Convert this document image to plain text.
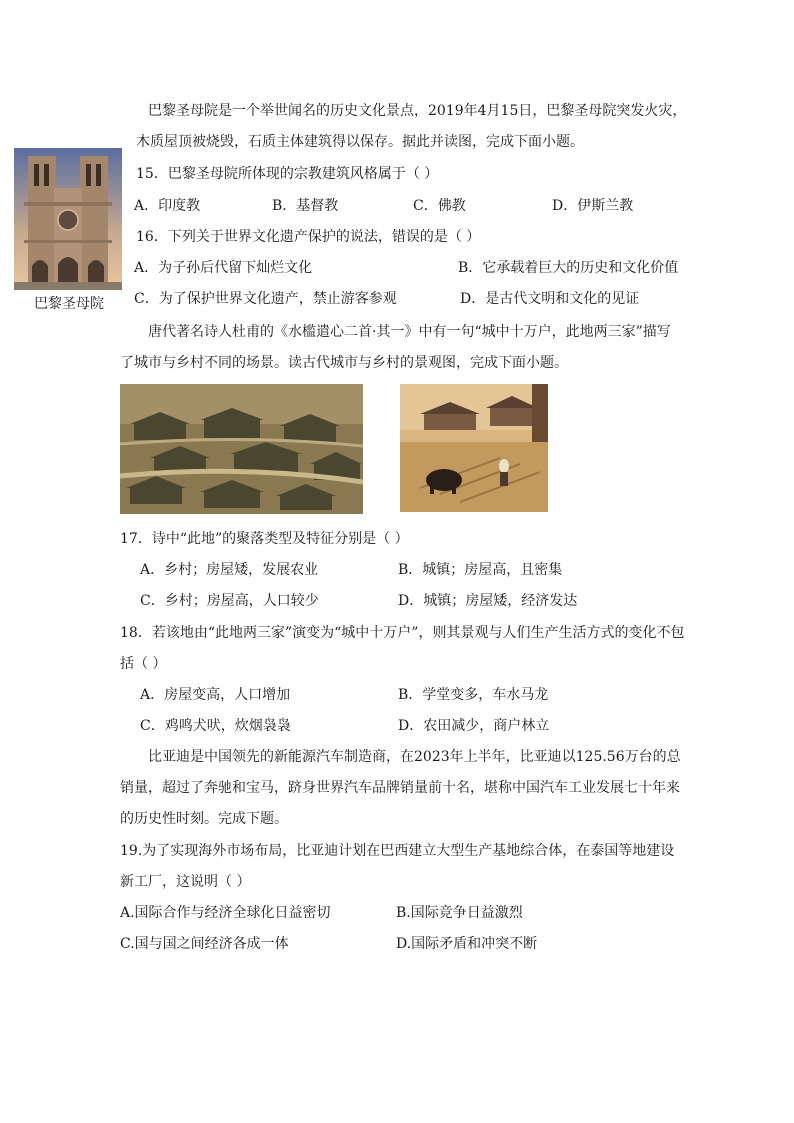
巴黎圣母院是一个举世闻名的历史文化景点，2019年4月15日，巴黎圣母院突发火灾，
木质屋顶被烧毁，石质主体建筑得以保存。据此并读图，完成下面小题。
巴黎圣母院
15．巴黎圣母院所体现的宗教建筑风格属于（ ）
A．印度教	B．基督教	C．佛教	D．伊斯兰教
16．下列关于世界文化遗产保护的说法，错误的是（ ）
A．为子孙后代留下灿烂文化	B．它承载着巨大的历史和文化价值
C．为了保护世界文化遗产，禁止游客参观	D．是古代文明和文化的见证
唐代著名诗人杜甫的《水槛遣心二首·其一》中有一句“城中十万户，此地两三家”描写
了城市与乡村不同的场景。读古代城市与乡村的景观图，完成下面小题。
17．诗中“此地”的聚落类型及特征分别是（ ）
A．乡村；房屋矮，发展农业	B．城镇；房屋高，且密集
C．乡村；房屋高，人口较少	D．城镇；房屋矮，经济发达
18．若该地由“此地两三家”演变为“城中十万户”，则其景观与人们生产生活方式的变化不包
括（ ）
A．房屋变高，人口增加	B．学堂变多，车水马龙
C．鸡鸣犬吠，炊烟袅袅	D．农田减少，商户林立
比亚迪是中国领先的新能源汽车制造商，在2023年上半年，比亚迪以125.56万台的总
销量，超过了奔驰和宝马，跻身世界汽车品牌销量前十名，堪称中国汽车工业发展七十年来
的历史性时刻。完成下题。
19.为了实现海外市场布局，比亚迪计划在巴西建立大型生产基地综合体，在泰国等地建设
新工厂，这说明（ ）
A.国际合作与经济全球化日益密切	B.国际竞争日益激烈
C.国与国之间经济各成一体	D.国际矛盾和冲突不断
